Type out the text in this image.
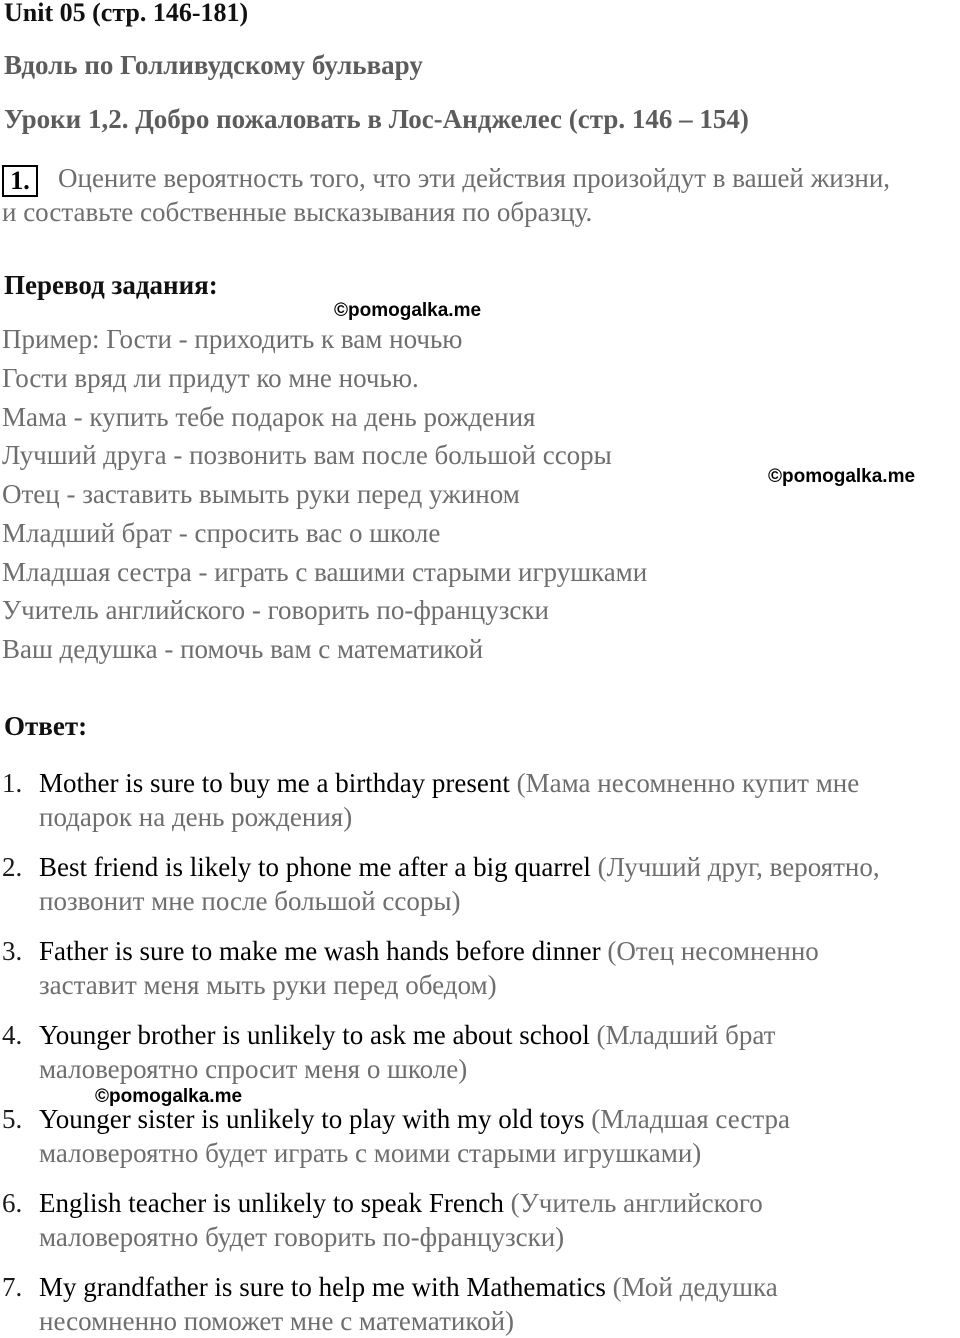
Unit 05 (стр. 146-181)
Вдоль по Голливудскому бульвару
Уроки 1,2. Добро пожаловать в Лос-Анджелес (стр. 146 – 154)
1.	Оцените вероятность того, что эти действия произойдут в вашей жизни,
и составьте собственные высказывания по образцу.
Перевод задания:
©pomogalka.me
Пример: Гости - приходить к вам ночью
Гости вряд ли придут ко мне ночью.
Мама - купить тебе подарок на день рождения
Лучший друга - позвонить вам после большой ссоры
Отец - заставить вымыть руки перед ужином
Младший брат - спросить вас о школе
Младшая сестра - играть с вашими старыми игрушками
Учитель английского - говорить по-французски
Ваш дедушка - помочь вам с математикой
©pomogalka.me
Ответ:
1. Mother is sure to buy me a birthday present (Мама несомненно купит мне
подарок на день рождения)
2. Best friend is likely to phone me after a big quarrel (Лучший друг, вероятно,
позвонит мне после большой ссоры)
3. Father is sure to make me wash hands before dinner (Отец несомненно
заставит меня мыть руки перед обедом)
4. Younger brother is unlikely to ask me about school (Младший брат
маловероятно спросит меня о школе)
©pomogalka.me
5. Younger sister is unlikely to play with my old toys (Младшая сестра
маловероятно будет играть с моими старыми игрушками)
6. English teacher is unlikely to speak French (Учитель английского
маловероятно будет говорить по-французски)
7. My grandfather is sure to help me with Mathematics (Мой дедушка
несомненно поможет мне с математикой)
